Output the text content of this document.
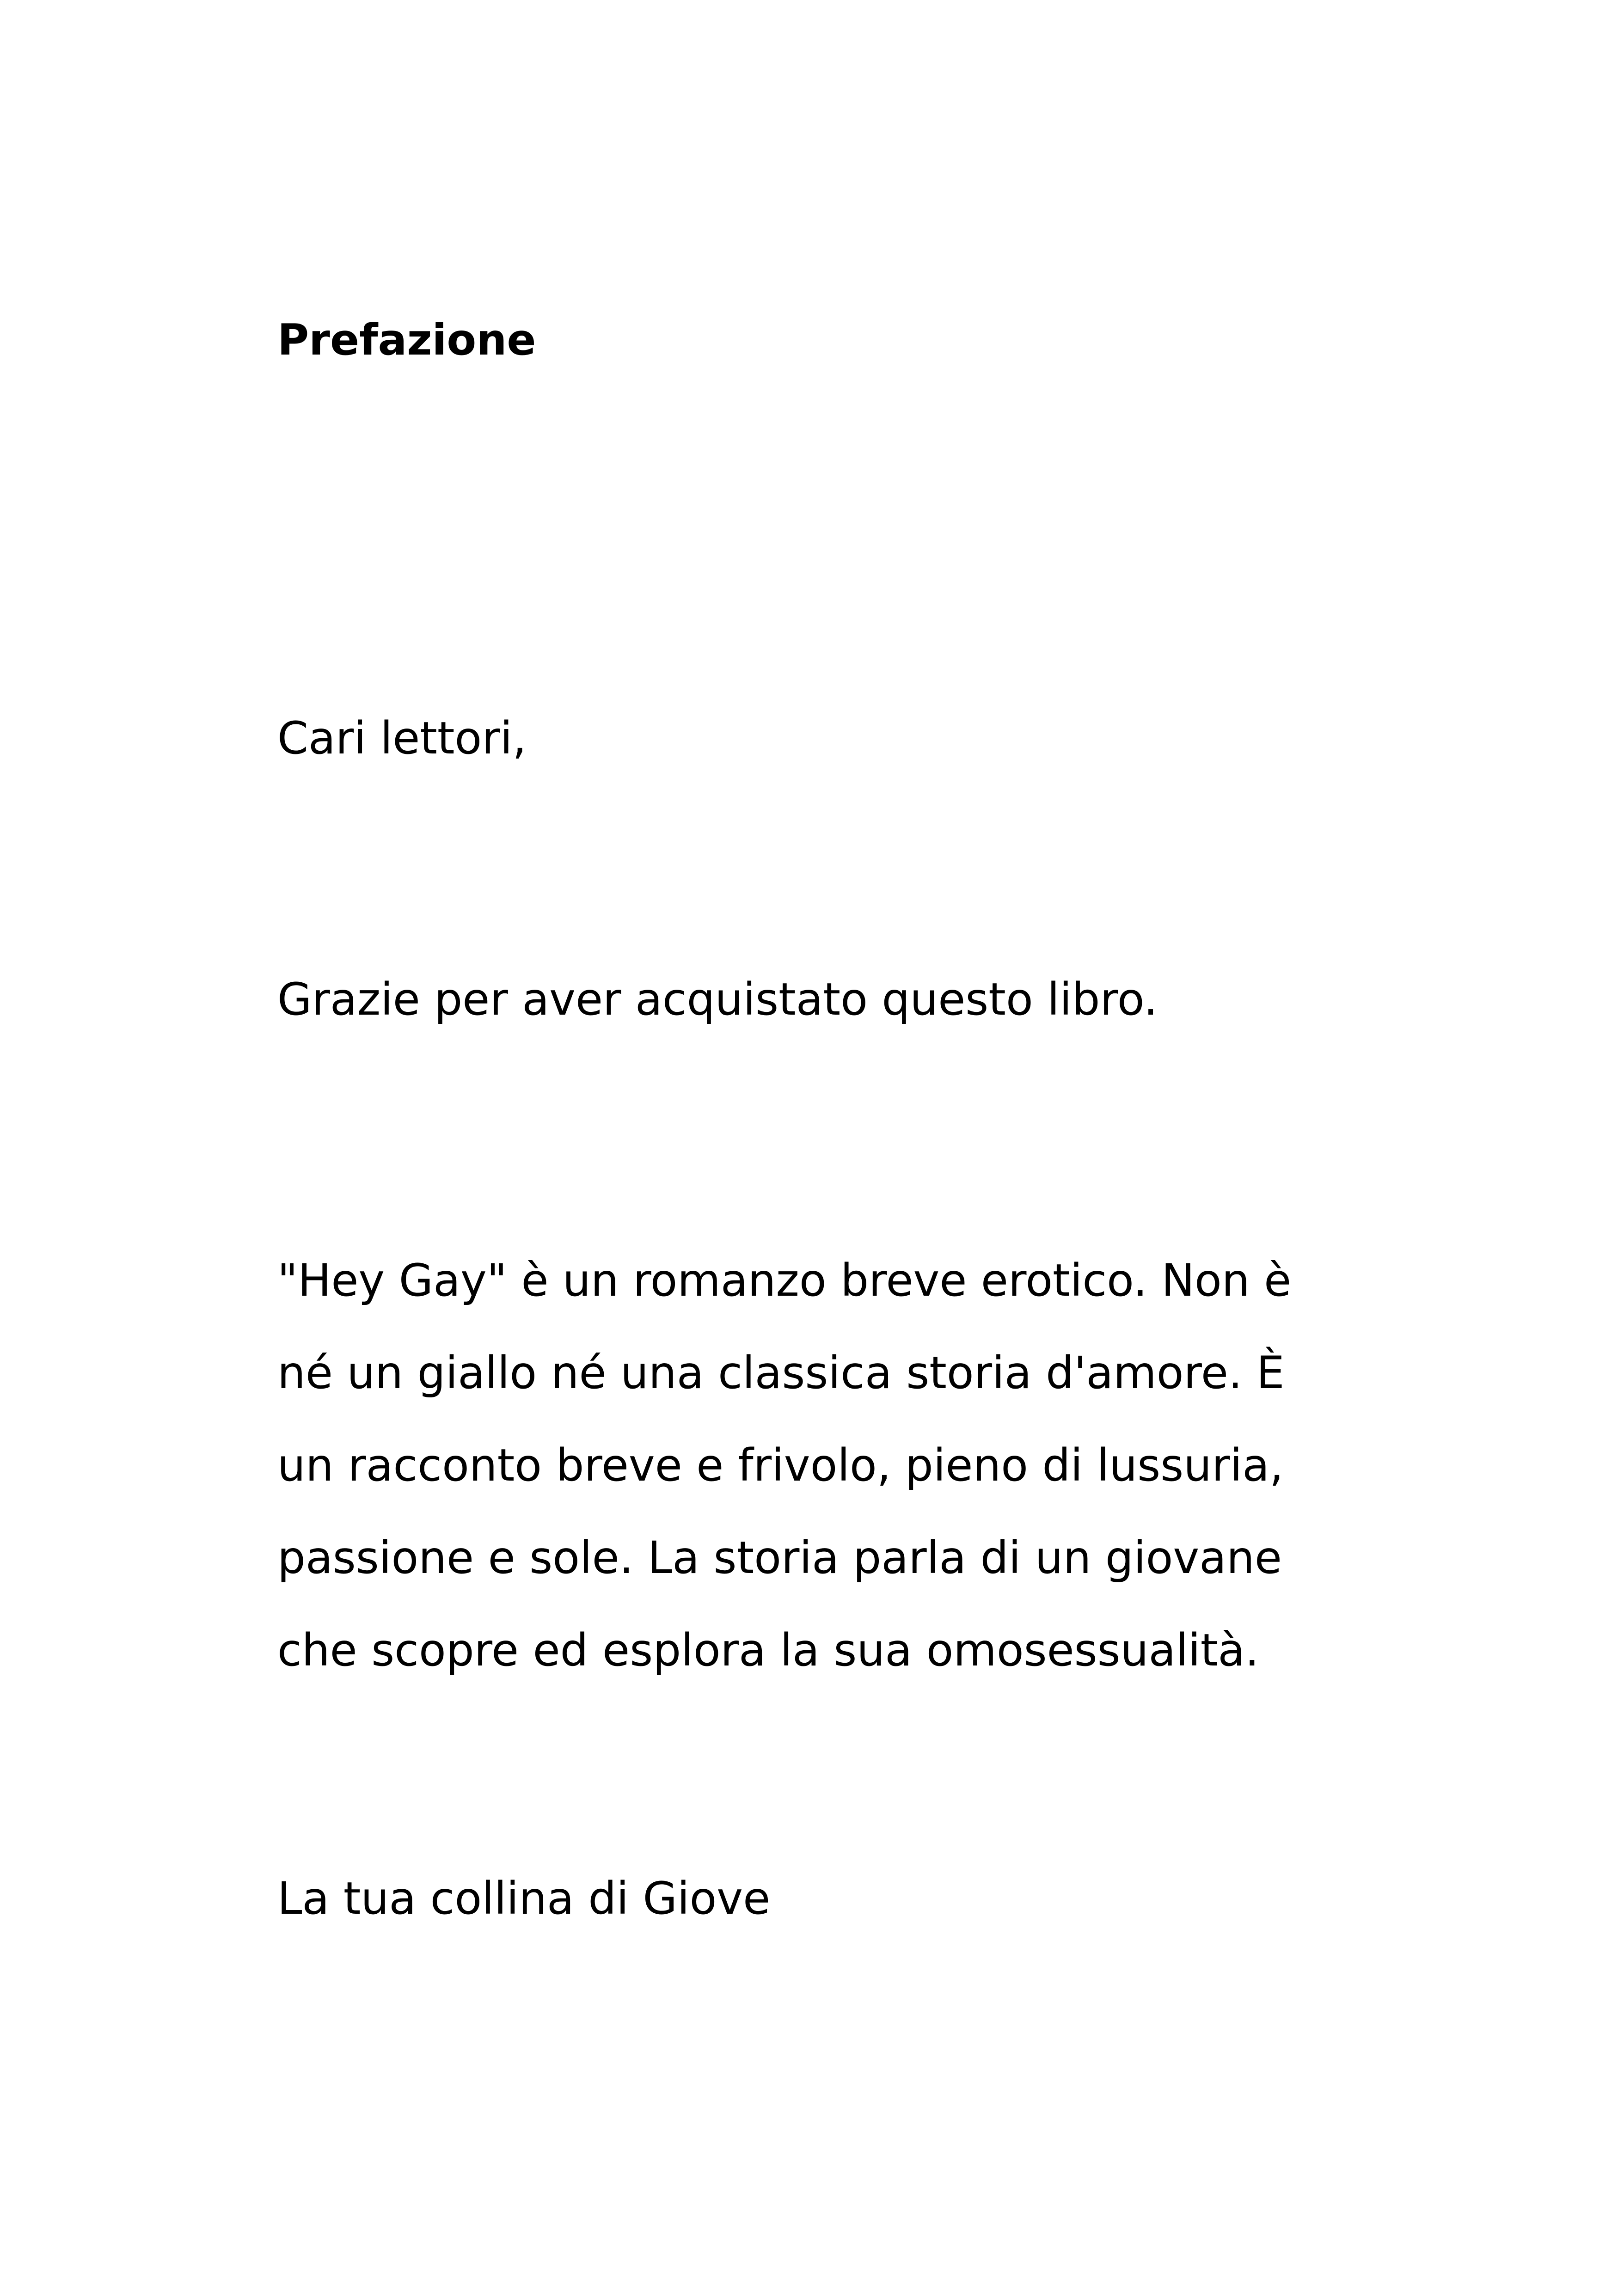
Prefazione
Cari lettori,
Grazie per aver acquistato questo libro.
"Hey Gay" è un romanzo breve erotico. Non è
né un giallo né una classica storia d'amore. È
un racconto breve e frivolo, pieno di lussuria,
passione e sole. La storia parla di un giovane
che scopre ed esplora la sua omosessualità.
La tua collina di Giove
